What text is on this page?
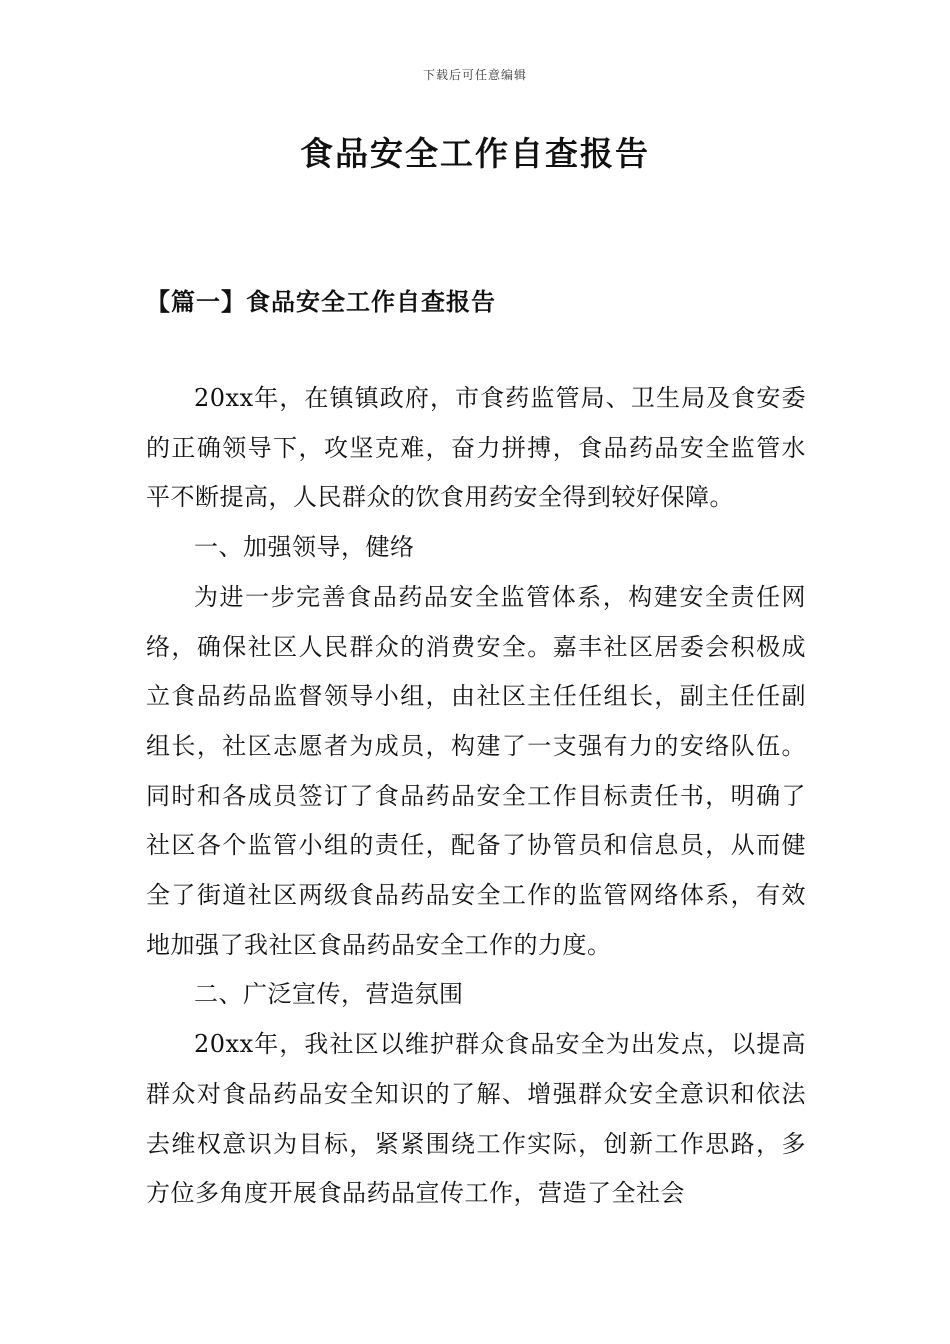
下载后可任意编辑
食品安全工作自查报告
【篇一】食品安全工作自查报告

20xx年，在镇镇政府，市食药监管局、卫生局及食安委的正确领导下，攻坚克难，奋力拼搏，食品药品安全监管水平不断提高，人民群众的饮食用药安全得到较好保障。

一、加强领导，健络

为进一步完善食品药品安全监管体系，构建安全责任网络，确保社区人民群众的消费安全。嘉丰社区居委会积极成立食品药品监督领导小组，由社区主任任组长，副主任任副组长，社区志愿者为成员，构建了一支强有力的安络队伍。同时和各成员签订了食品药品安全工作目标责任书，明确了社区各个监管小组的责任，配备了协管员和信息员，从而健全了街道社区两级食品药品安全工作的监管网络体系，有效地加强了我社区食品药品安全工作的力度。

二、广泛宣传，营造氛围

20xx年，我社区以维护群众食品安全为出发点，以提高群众对食品药品安全知识的了解、增强群众安全意识和依法去维权意识为目标，紧紧围绕工作实际，创新工作思路，多方位多角度开展食品药品宣传工作，营造了全社会
